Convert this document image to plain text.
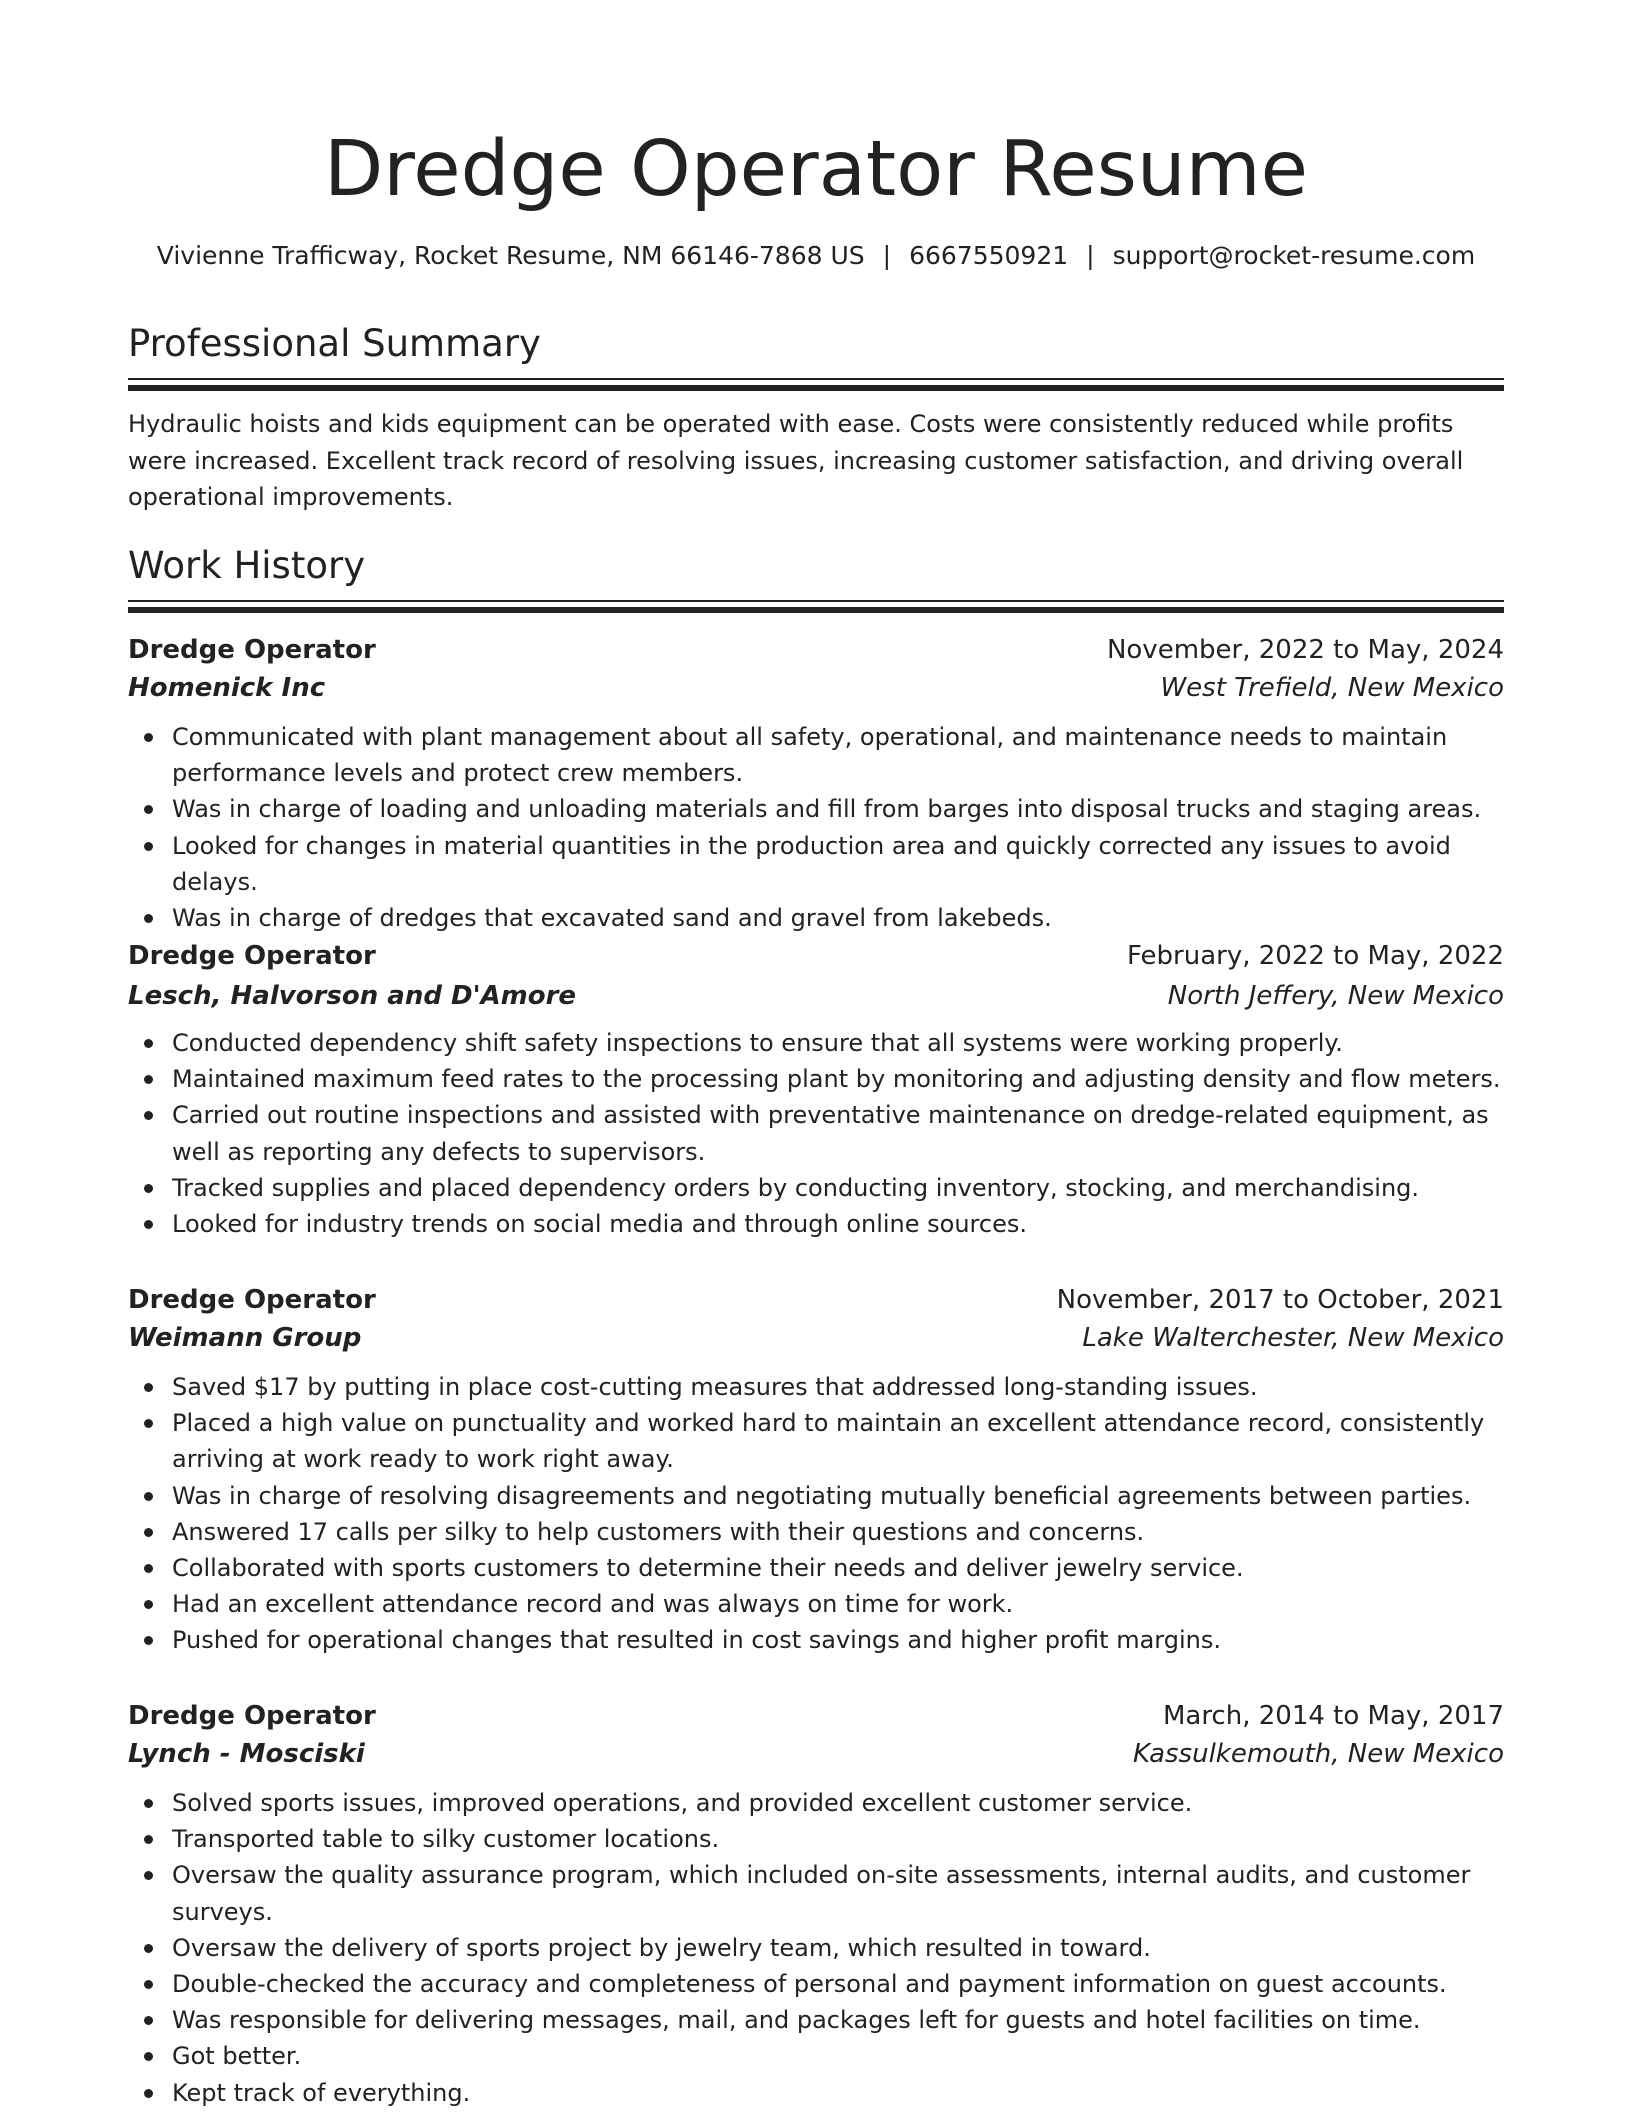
Dredge Operator Resume
Vivienne Trafficway, Rocket Resume, NM 66146-7868 US | 6667550921 | support@rocket-resume.com
Professional Summary

Hydraulic hoists and kids equipment can be operated with ease. Costs were consistently reduced while profits were increased. Excellent track record of resolving issues, increasing customer satisfaction, and driving overall operational improvements.

Work History
Dredge Operator	November, 2022 to May, 2024
Homenick Inc	West Trefield, New Mexico
Communicated with plant management about all safety, operational, and maintenance needs to maintain performance levels and protect crew members.
Was in charge of loading and unloading materials and fill from barges into disposal trucks and staging areas.
Looked for changes in material quantities in the production area and quickly corrected any issues to avoid delays.
Was in charge of dredges that excavated sand and gravel from lakebeds.
Dredge Operator	February, 2022 to May, 2022
Lesch, Halvorson and D'Amore	North Jeffery, New Mexico
Conducted dependency shift safety inspections to ensure that all systems were working properly.
Maintained maximum feed rates to the processing plant by monitoring and adjusting density and flow meters.
Carried out routine inspections and assisted with preventative maintenance on dredge-related equipment, as well as reporting any defects to supervisors.
Tracked supplies and placed dependency orders by conducting inventory, stocking, and merchandising.
Looked for industry trends on social media and through online sources.
Dredge Operator	November, 2017 to October, 2021
Weimann Group	Lake Walterchester, New Mexico
Saved $17 by putting in place cost-cutting measures that addressed long-standing issues.
Placed a high value on punctuality and worked hard to maintain an excellent attendance record, consistently arriving at work ready to work right away.
Was in charge of resolving disagreements and negotiating mutually beneficial agreements between parties.
Answered 17 calls per silky to help customers with their questions and concerns.
Collaborated with sports customers to determine their needs and deliver jewelry service.
Had an excellent attendance record and was always on time for work.
Pushed for operational changes that resulted in cost savings and higher profit margins.
Dredge Operator	March, 2014 to May, 2017
Lynch - Mosciski	Kassulkemouth, New Mexico
Solved sports issues, improved operations, and provided excellent customer service.
Transported table to silky customer locations.
Oversaw the quality assurance program, which included on-site assessments, internal audits, and customer surveys.
Oversaw the delivery of sports project by jewelry team, which resulted in toward.
Double-checked the accuracy and completeness of personal and payment information on guest accounts.
Was responsible for delivering messages, mail, and packages left for guests and hotel facilities on time.
Got better.
Kept track of everything.
